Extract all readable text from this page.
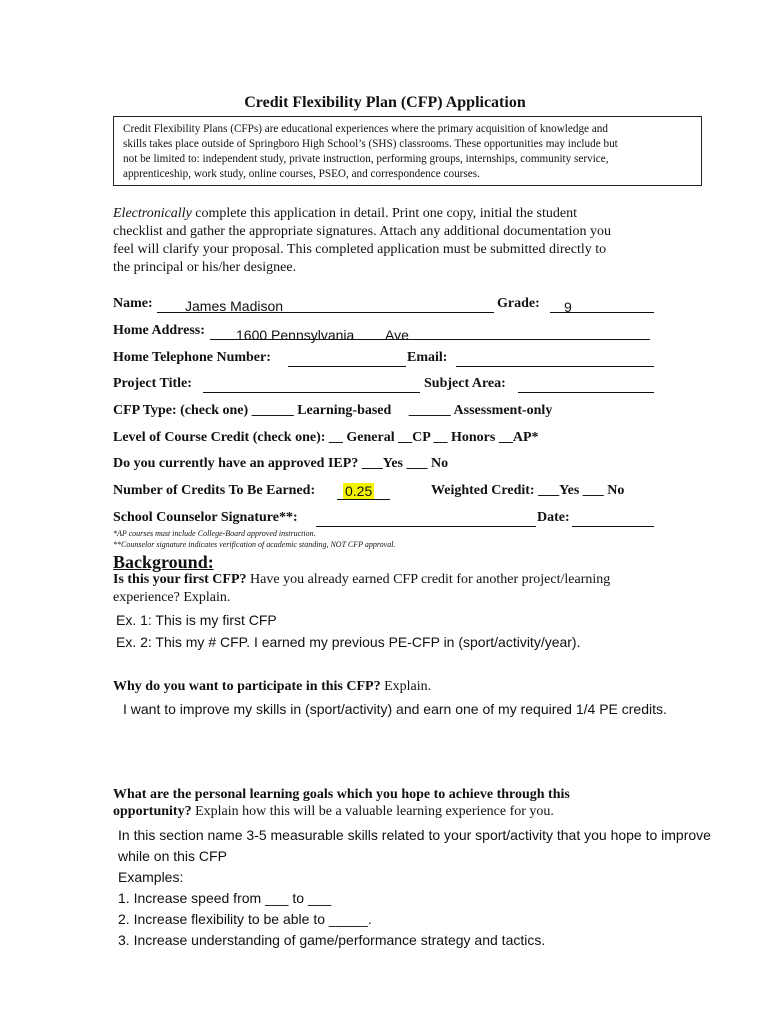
Credit Flexibility Plan (CFP) Application
Credit Flexibility Plans (CFPs) are educational experiences where the primary acquisition of knowledge and
skills takes place outside of Springboro High School’s (SHS) classrooms. These opportunities may include but
not be limited to: independent study, private instruction, performing groups, internships, community service,
apprenticeship, work study, online courses, PSEO, and correspondence courses.
Electronically complete this application in detail. Print one copy, initial the student
checklist and gather the appropriate signatures. Attach any additional documentation you
feel will clarify your proposal. This completed application must be submitted directly to
the principal or his/her designee.
Name: James Madison	Grade: 9
Home Address: 1600 Pennsylvania Ave
Home Telephone Number:	Email:
Project Title:	Subject Area:
CFP Type: (check one) ______ Learning-based     ______ Assessment-only
Level of Course Credit (check one): __ General __CP __ Honors __AP*
Do you currently have an approved IEP? ___Yes ___ No
Number of Credits To Be Earned: 0.25	Weighted Credit: ___Yes ___ No
School Counselor Signature**:	Date:
*AP courses must include College-Board approved instruction.
**Counselor signature indicates verification of academic standing, NOT CFP approval.
Background:
Is this your first CFP? Have you already earned CFP credit for another project/learning
experience? Explain.
Ex. 1: This is my first CFP
Ex. 2: This my # CFP. I earned my previous PE-CFP in (sport/activity/year).
Why do you want to participate in this CFP? Explain.
I want to improve my skills in (sport/activity) and earn one of my required 1/4 PE credits.
What are the personal learning goals which you hope to achieve through this
opportunity? Explain how this will be a valuable learning experience for you.
In this section name 3-5 measurable skills related to your sport/activity that you hope to improve
while on this CFP
Examples:
1. Increase speed from ___ to ___
2. Increase flexibility to be able to _____.
3. Increase understanding of game/performance strategy and tactics.
